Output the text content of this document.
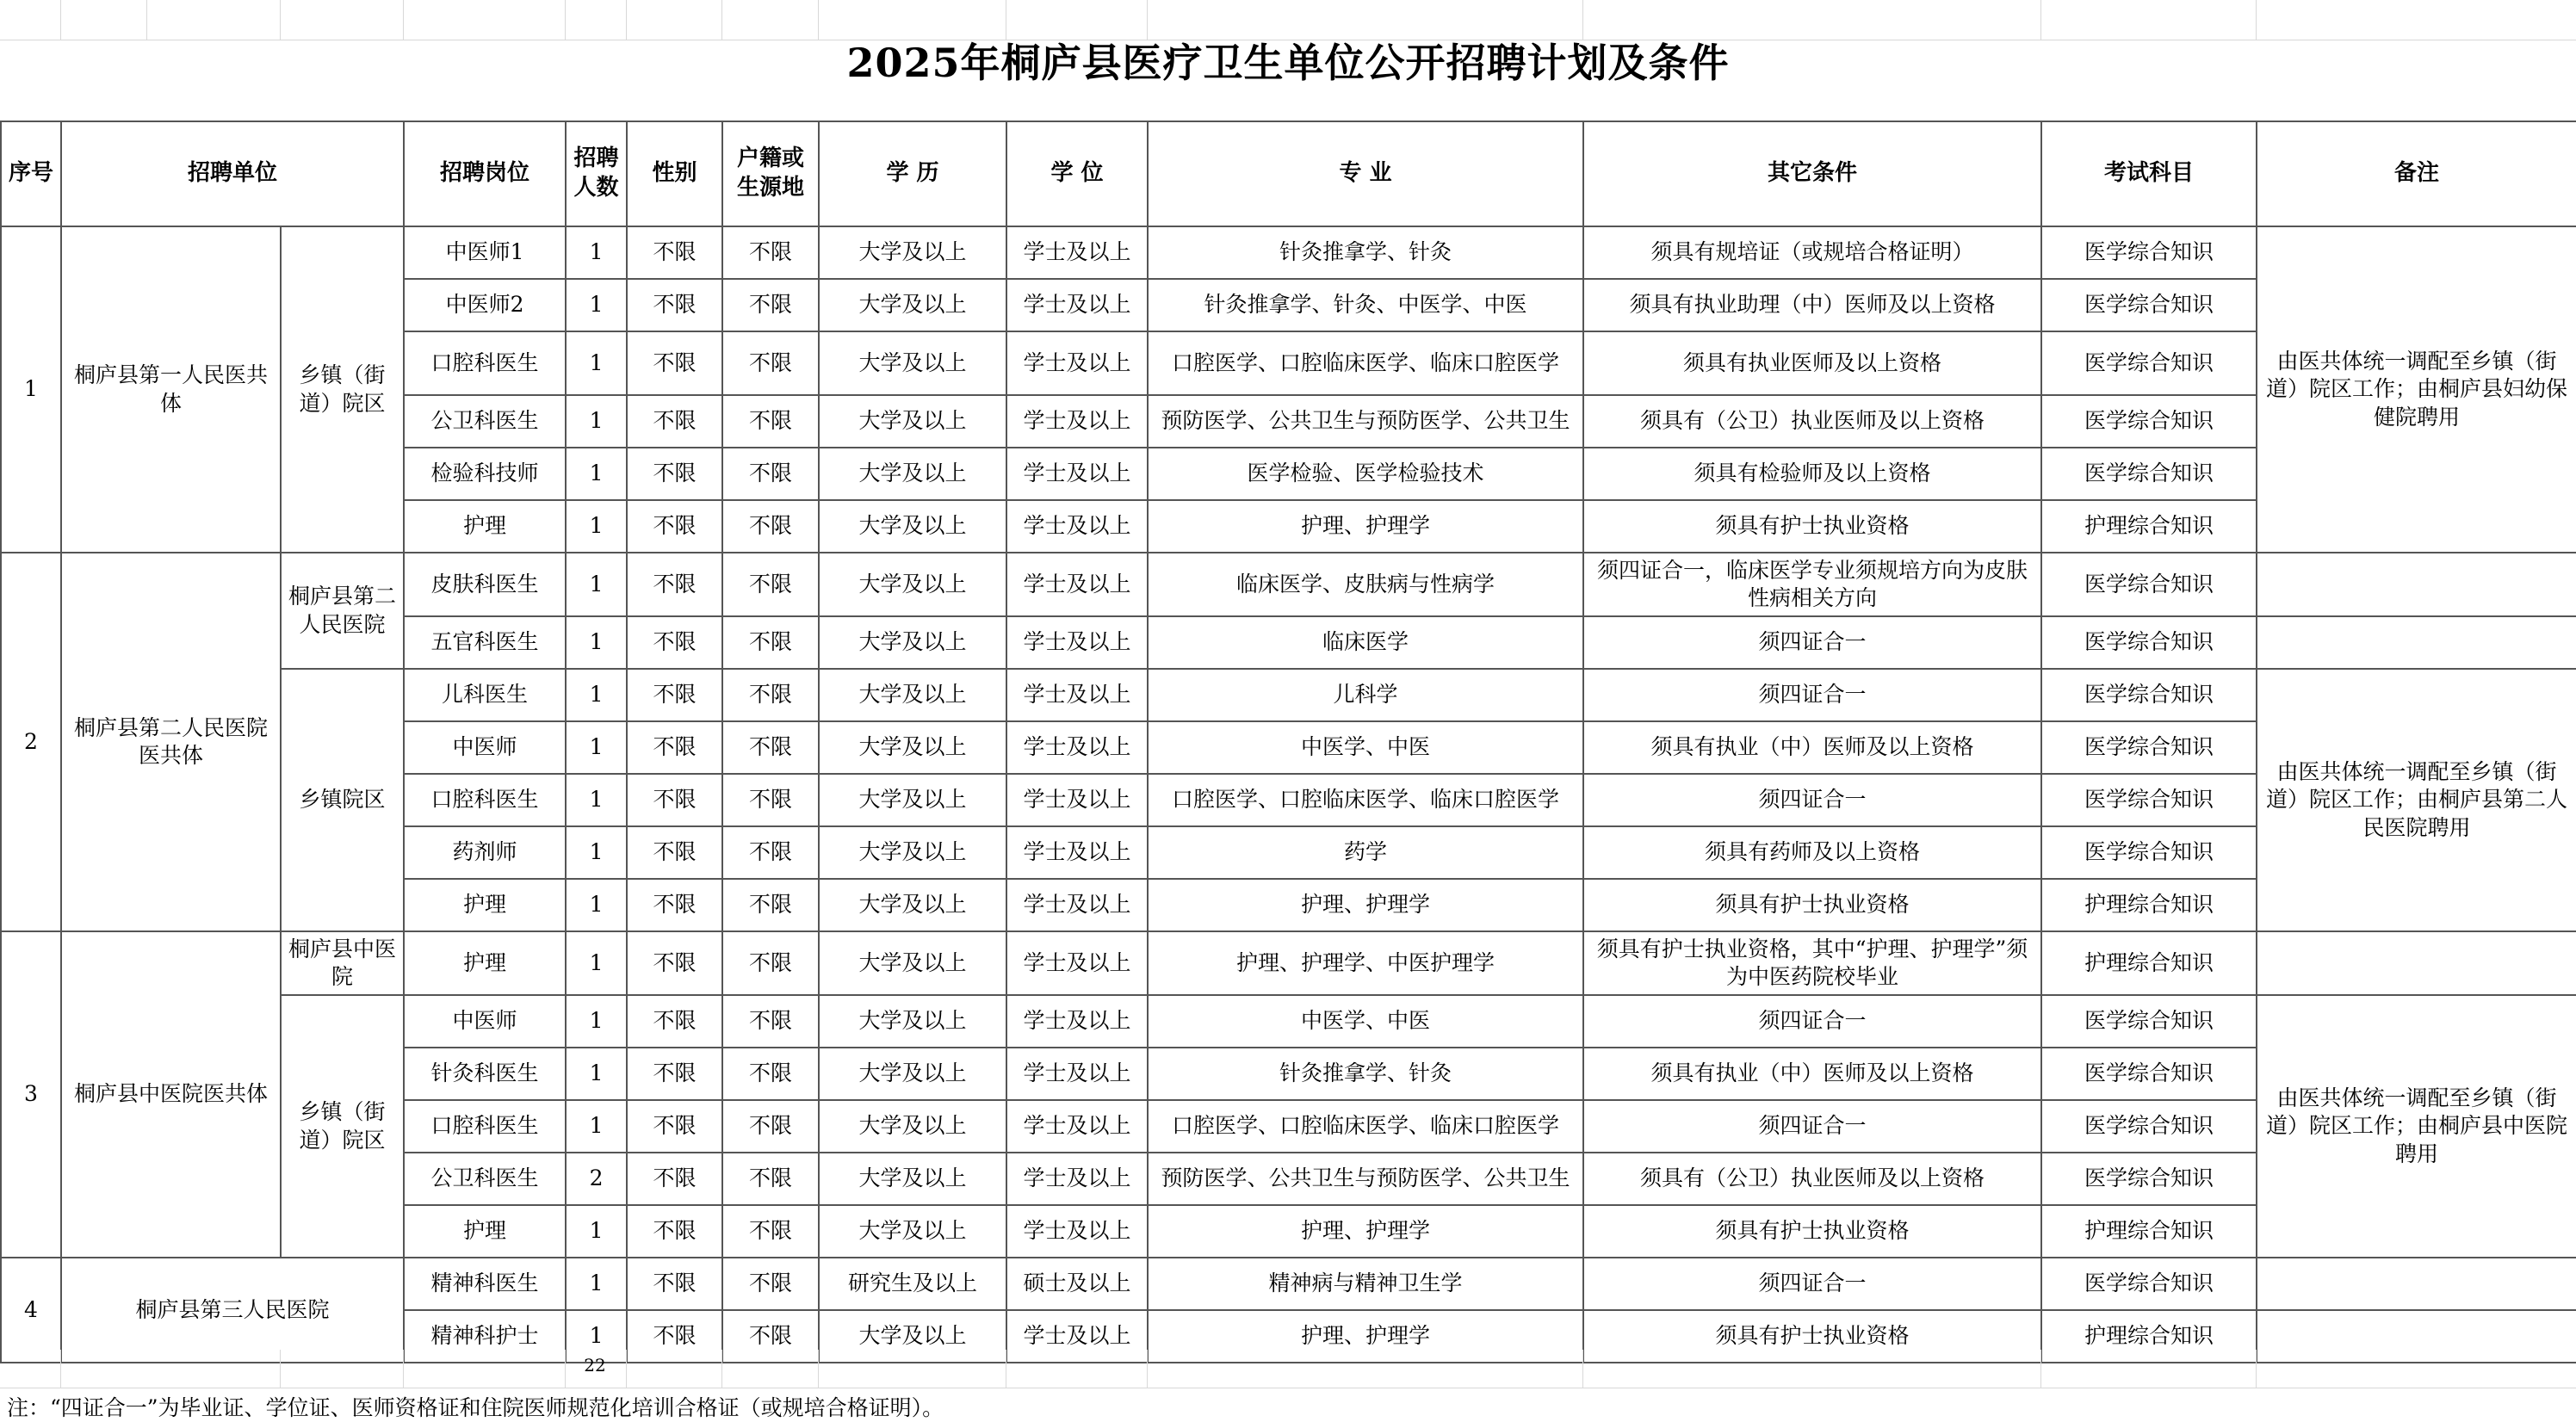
2025年桐庐县医疗卫生单位公开招聘计划及条件
序号	招聘单位		招聘岗位	招聘人数	性别	户籍或生源地	学 历	学 位	专 业	其它条件	考试科目	备注
1	桐庐县第一人民医共体	乡镇（街道）院区	中医师1	1	不限	不限	大学及以上	学士及以上	针灸推拿学、针灸	须具有规培证（或规培合格证明）	医学综合知识	由医共体统一调配至乡镇（街道）院区工作；由桐庐县妇幼保健院聘用
			中医师2	1	不限	不限	大学及以上	学士及以上	针灸推拿学、针灸、中医学、中医	须具有执业助理（中）医师及以上资格	医学综合知识	
			口腔科医生	1	不限	不限	大学及以上	学士及以上	口腔医学、口腔临床医学、临床口腔医学	须具有执业医师及以上资格	医学综合知识	
			公卫科医生	1	不限	不限	大学及以上	学士及以上	预防医学、公共卫生与预防医学、公共卫生	须具有（公卫）执业医师及以上资格	医学综合知识	
			检验科技师	1	不限	不限	大学及以上	学士及以上	医学检验、医学检验技术	须具有检验师及以上资格	医学综合知识	
			护理	1	不限	不限	大学及以上	学士及以上	护理、护理学	须具有护士执业资格	护理综合知识	
2	桐庐县第二人民医院医共体	桐庐县第二人民医院	皮肤科医生	1	不限	不限	大学及以上	学士及以上	临床医学、皮肤病与性病学	须四证合一，临床医学专业须规培方向为皮肤性病相关方向	医学综合知识	
			五官科医生	1	不限	不限	大学及以上	学士及以上	临床医学	须四证合一	医学综合知识	
		乡镇院区	儿科医生	1	不限	不限	大学及以上	学士及以上	儿科学	须四证合一	医学综合知识	由医共体统一调配至乡镇（街道）院区工作；由桐庐县第二人民医院聘用
			中医师	1	不限	不限	大学及以上	学士及以上	中医学、中医	须具有执业（中）医师及以上资格	医学综合知识	
			口腔科医生	1	不限	不限	大学及以上	学士及以上	口腔医学、口腔临床医学、临床口腔医学	须四证合一	医学综合知识	
			药剂师	1	不限	不限	大学及以上	学士及以上	药学	须具有药师及以上资格	医学综合知识	
			护理	1	不限	不限	大学及以上	学士及以上	护理、护理学	须具有护士执业资格	护理综合知识	
3	桐庐县中医院医共体	桐庐县中医院	护理	1	不限	不限	大学及以上	学士及以上	护理、护理学、中医护理学	须具有护士执业资格，其中“护理、护理学”须为中医药院校毕业	护理综合知识	
		乡镇（街道）院区	中医师	1	不限	不限	大学及以上	学士及以上	中医学、中医	须四证合一	医学综合知识	由医共体统一调配至乡镇（街道）院区工作；由桐庐县中医院聘用
			针灸科医生	1	不限	不限	大学及以上	学士及以上	针灸推拿学、针灸	须具有执业（中）医师及以上资格	医学综合知识	
			口腔科医生	1	不限	不限	大学及以上	学士及以上	口腔医学、口腔临床医学、临床口腔医学	须四证合一	医学综合知识	
			公卫科医生	2	不限	不限	大学及以上	学士及以上	预防医学、公共卫生与预防医学、公共卫生	须具有（公卫）执业医师及以上资格	医学综合知识	
			护理	1	不限	不限	大学及以上	学士及以上	护理、护理学	须具有护士执业资格	护理综合知识	
4	桐庐县第三人民医院		精神科医生	1	不限	不限	研究生及以上	硕士及以上	精神病与精神卫生学	须四证合一	医学综合知识	
			精神科护士	1	不限	不限	大学及以上	学士及以上	护理、护理学	须具有护士执业资格	护理综合知识	
22
注：“四证合一”为毕业证、学位证、医师资格证和住院医师规范化培训合格证（或规培合格证明）。
